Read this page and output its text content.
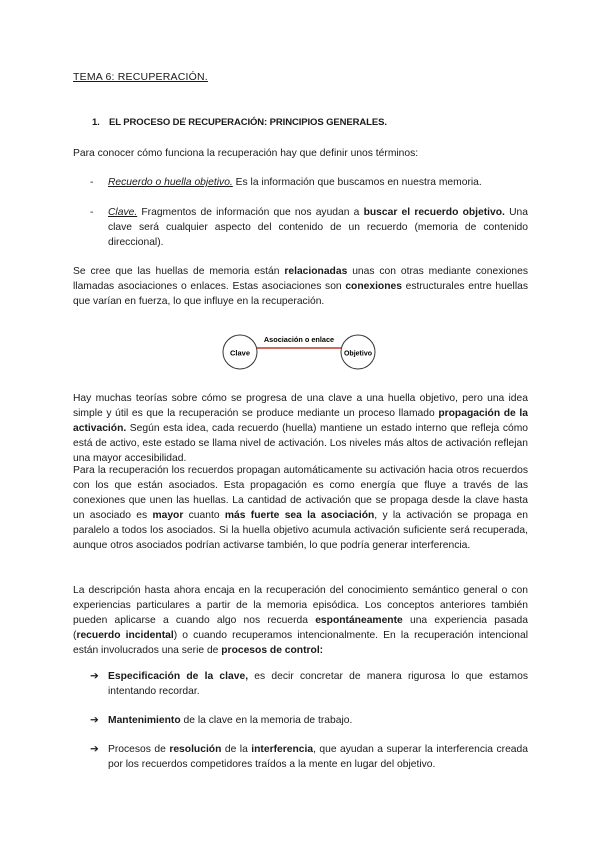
TEMA 6: RECUPERACIÓN.
1. EL PROCESO DE RECUPERACIÓN: PRINCIPIOS GENERALES.
Para conocer cómo funciona la recuperación hay que definir unos términos:
- Recuerdo o huella objetivo. Es la información que buscamos en nuestra memoria.
- Clave. Fragmentos de información que nos ayudan a buscar el recuerdo objetivo. Una clave será cualquier aspecto del contenido de un recuerdo (memoria de contenido direccional).
Se cree que las huellas de memoria están relacionadas unas con otras mediante conexiones llamadas asociaciones o enlaces. Estas asociaciones son conexiones estructurales entre huellas que varían en fuerza, lo que influye en la recuperación.
Clave	Objetivo
Asociación o enlace
Hay muchas teorías sobre cómo se progresa de una clave a una huella objetivo, pero una idea simple y útil es que la recuperación se produce mediante un proceso llamado propagación de la activación. Según esta idea, cada recuerdo (huella) mantiene un estado interno que refleja cómo está de activo, este estado se llama nivel de activación. Los niveles más altos de activación reflejan una mayor accesibilidad.
Para la recuperación los recuerdos propagan automáticamente su activación hacia otros recuerdos con los que están asociados. Esta propagación es como energía que fluye a través de las conexiones que unen las huellas. La cantidad de activación que se propaga desde la clave hasta un asociado es mayor cuanto más fuerte sea la asociación, y la activación se propaga en paralelo a todos los asociados. Si la huella objetivo acumula activación suficiente será recuperada, aunque otros asociados podrían activarse también, lo que podría generar interferencia.
La descripción hasta ahora encaja en la recuperación del conocimiento semántico general o con experiencias particulares a partir de la memoria episódica. Los conceptos anteriores también pueden aplicarse a cuando algo nos recuerda espontáneamente una experiencia pasada (recuerdo incidental) o cuando recuperamos intencionalmente. En la recuperación intencional están involucrados una serie de procesos de control:
➔ Especificación de la clave, es decir concretar de manera rigurosa lo que estamos intentando recordar.
➔ Mantenimiento de la clave en la memoria de trabajo.
➔ Procesos de resolución de la interferencia, que ayudan a superar la interferencia creada por los recuerdos competidores traídos a la mente en lugar del objetivo.
